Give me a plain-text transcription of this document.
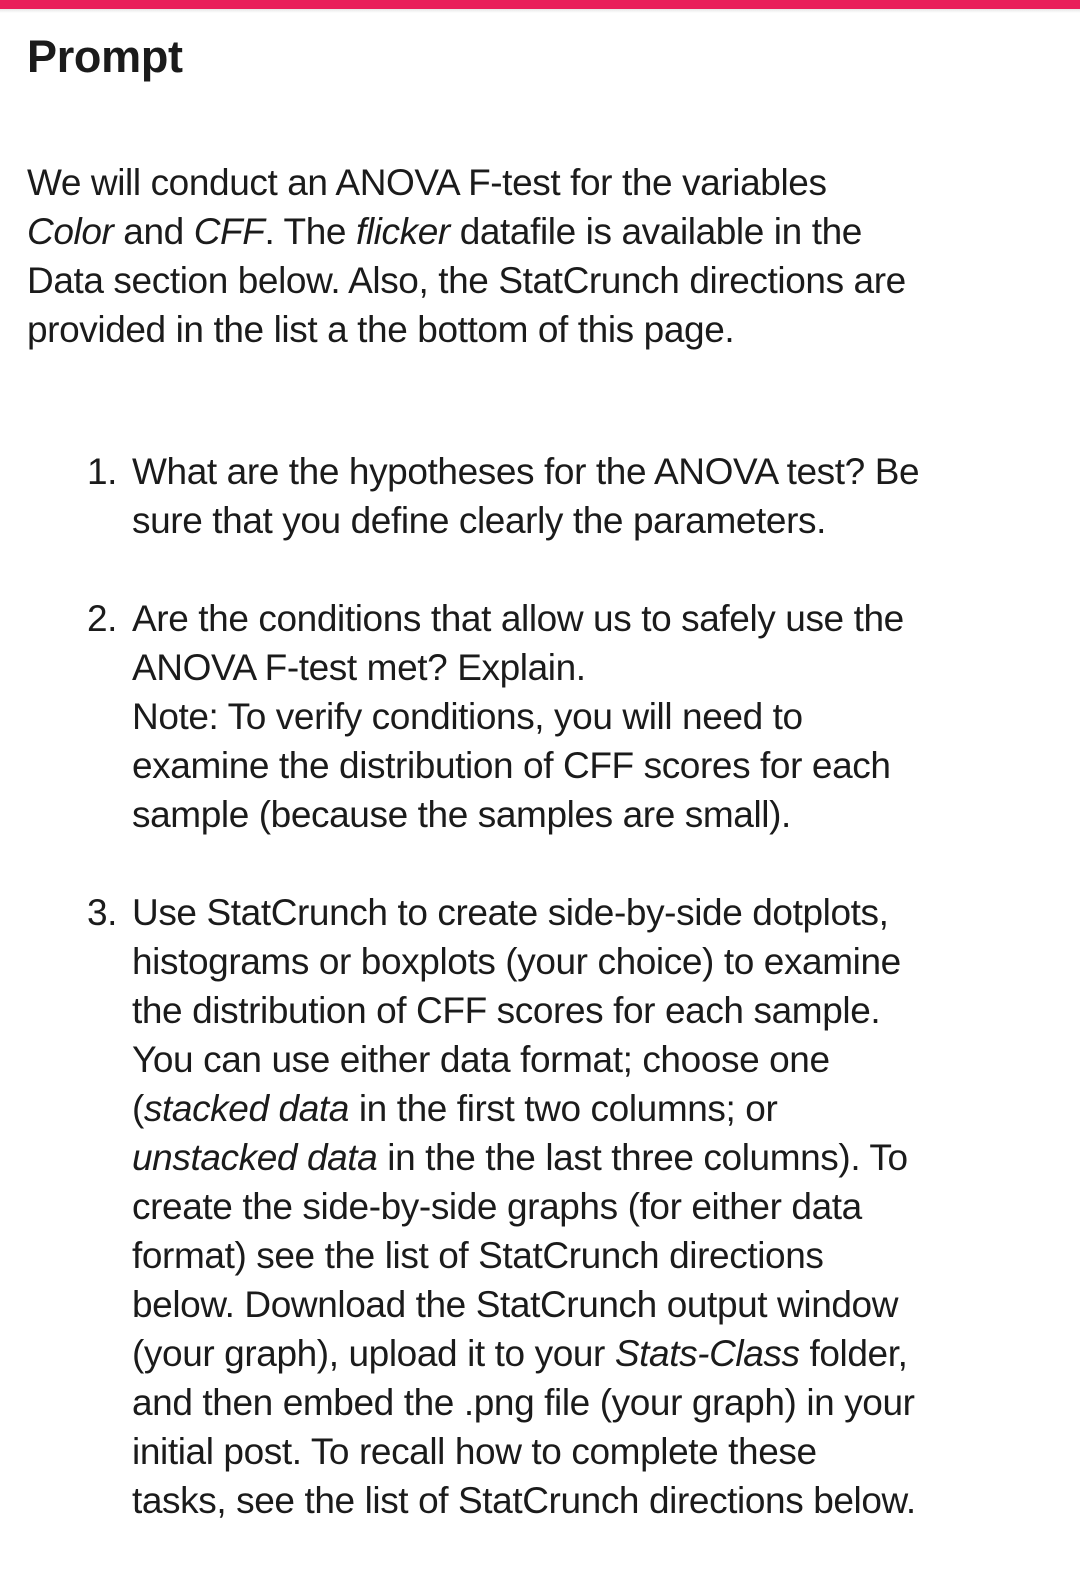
Prompt

We will conduct an ANOVA F-test for the variables
Color and CFF. The flicker datafile is available in the
Data section below. Also, the StatCrunch directions are
provided in the list a the bottom of this page.

1. What are the hypotheses for the ANOVA test? Be
sure that you define clearly the parameters.
2. Are the conditions that allow us to safely use the
ANOVA F-test met? Explain.
Note: To verify conditions, you will need to
examine the distribution of CFF scores for each
sample (because the samples are small).
3. Use StatCrunch to create side-by-side dotplots,
histograms or boxplots (your choice) to examine
the distribution of CFF scores for each sample.
You can use either data format; choose one
(stacked data in the first two columns; or
unstacked data in the the last three columns). To
create the side-by-side graphs (for either data
format) see the list of StatCrunch directions
below. Download the StatCrunch output window
(your graph), upload it to your Stats-Class folder,
and then embed the .png file (your graph) in your
initial post. To recall how to complete these
tasks, see the list of StatCrunch directions below.
